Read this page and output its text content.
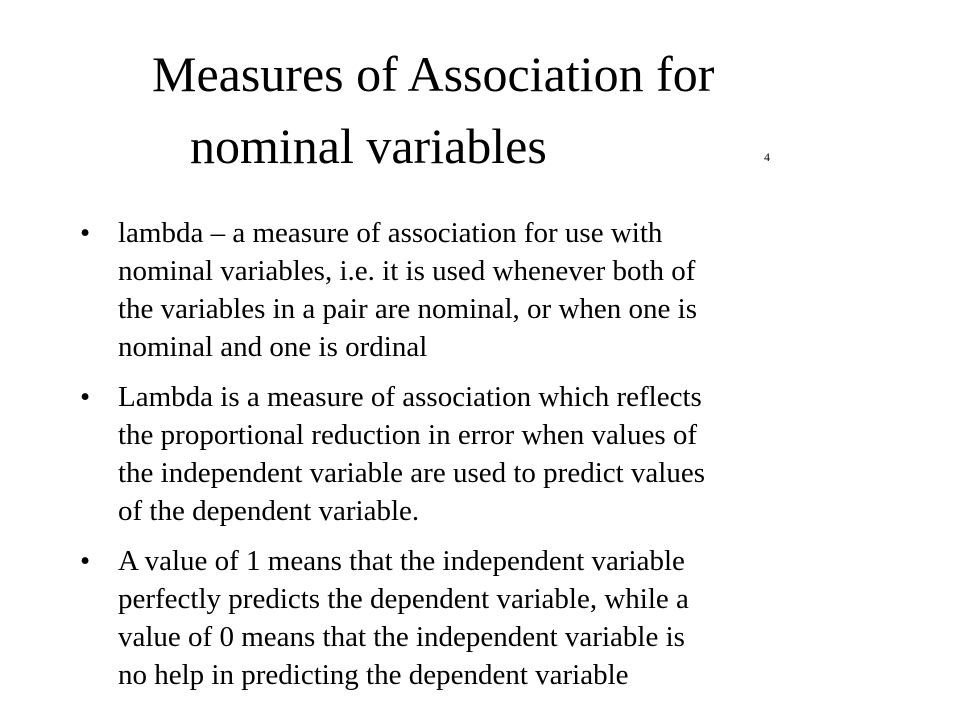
Measures of Association for
nominal variables	4
• lambda – a measure of association for use with
nominal variables, i.e. it is used whenever both of
the variables in a pair are nominal, or when one is
nominal and one is ordinal
• Lambda is a measure of association which reflects
the proportional reduction in error when values of
the independent variable are used to predict values
of the dependent variable.
• A value of 1 means that the independent variable
perfectly predicts the dependent variable, while a
value of 0 means that the independent variable is
no help in predicting the dependent variable
